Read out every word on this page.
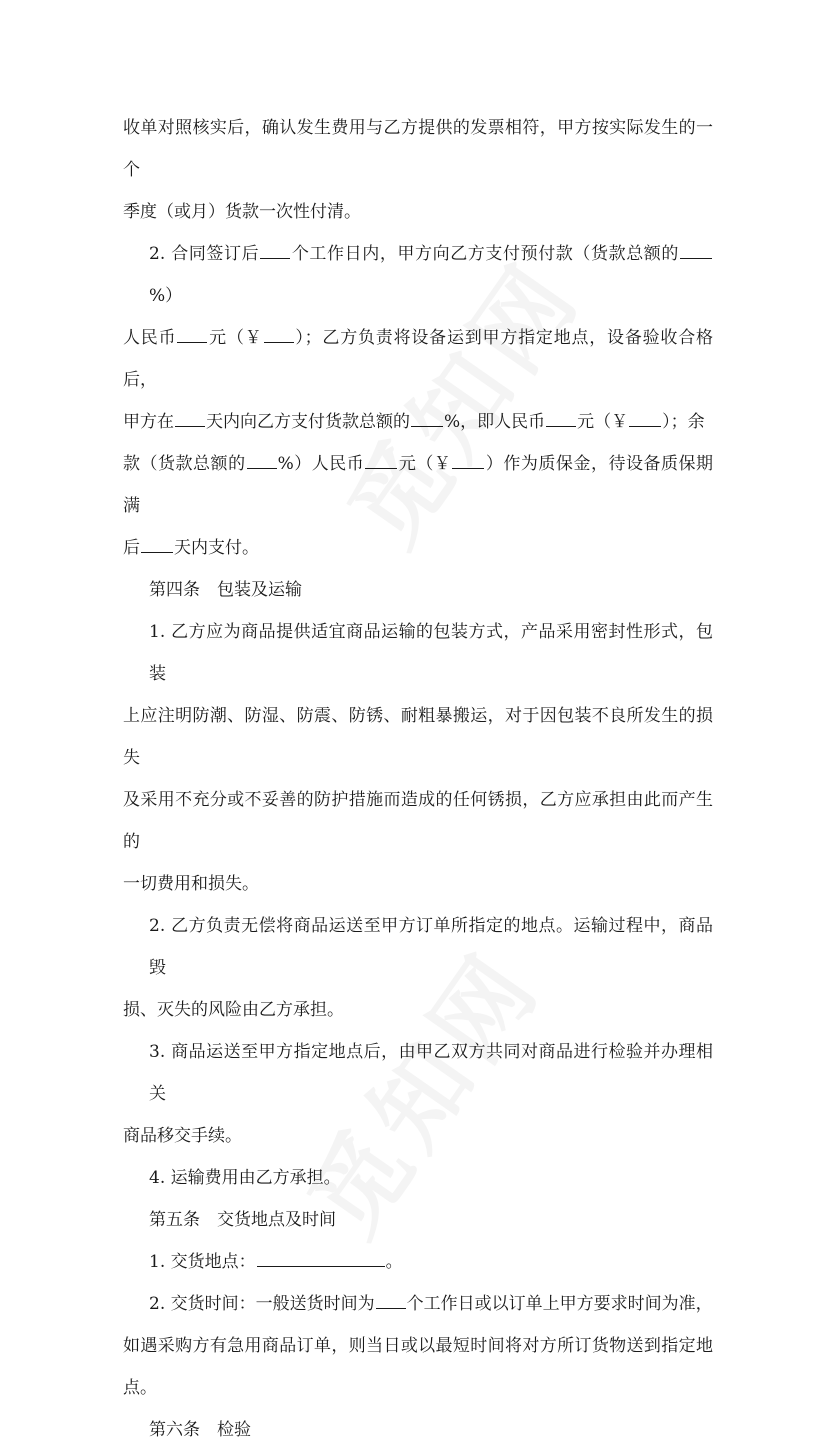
收单对照核实后，确认发生费用与乙方提供的发票相符，甲方按实际发生的一个

季度（或月）货款一次性付清。

2. 合同签订后 个工作日内，甲方向乙方支付预付款（货款总额的%）

人民币 元（￥ ）；乙方负责将设备运到甲方指定地点，设备验收合格后，

甲方在 天内向乙方支付货款总额的 %，即人民币 元（￥ ）；余

款（货款总额的 %）人民币 元（￥ ）作为质保金，待设备质保期满

后 天内支付。

第四条　包装及运输

1. 乙方应为商品提供适宜商品运输的包装方式，产品采用密封性形式，包装

上应注明防潮、防湿、防震、防锈、耐粗暴搬运，对于因包装不良所发生的损失

及采用不充分或不妥善的防护措施而造成的任何锈损，乙方应承担由此而产生的

一切费用和损失。

2. 乙方负责无偿将商品运送至甲方订单所指定的地点。运输过程中，商品毁

损、灭失的风险由乙方承担。

3. 商品运送至甲方指定地点后，由甲乙双方共同对商品进行检验并办理相关

商品移交手续。

4. 运输费用由乙方承担。

第五条　交货地点及时间

1. 交货地点：	。

2. 交货时间：一般送货时间为 个工作日或以订单上甲方要求时间为准，

如遇采购方有急用商品订单，则当日或以最短时间将对方所订货物送到指定地点。

第六条　检验
